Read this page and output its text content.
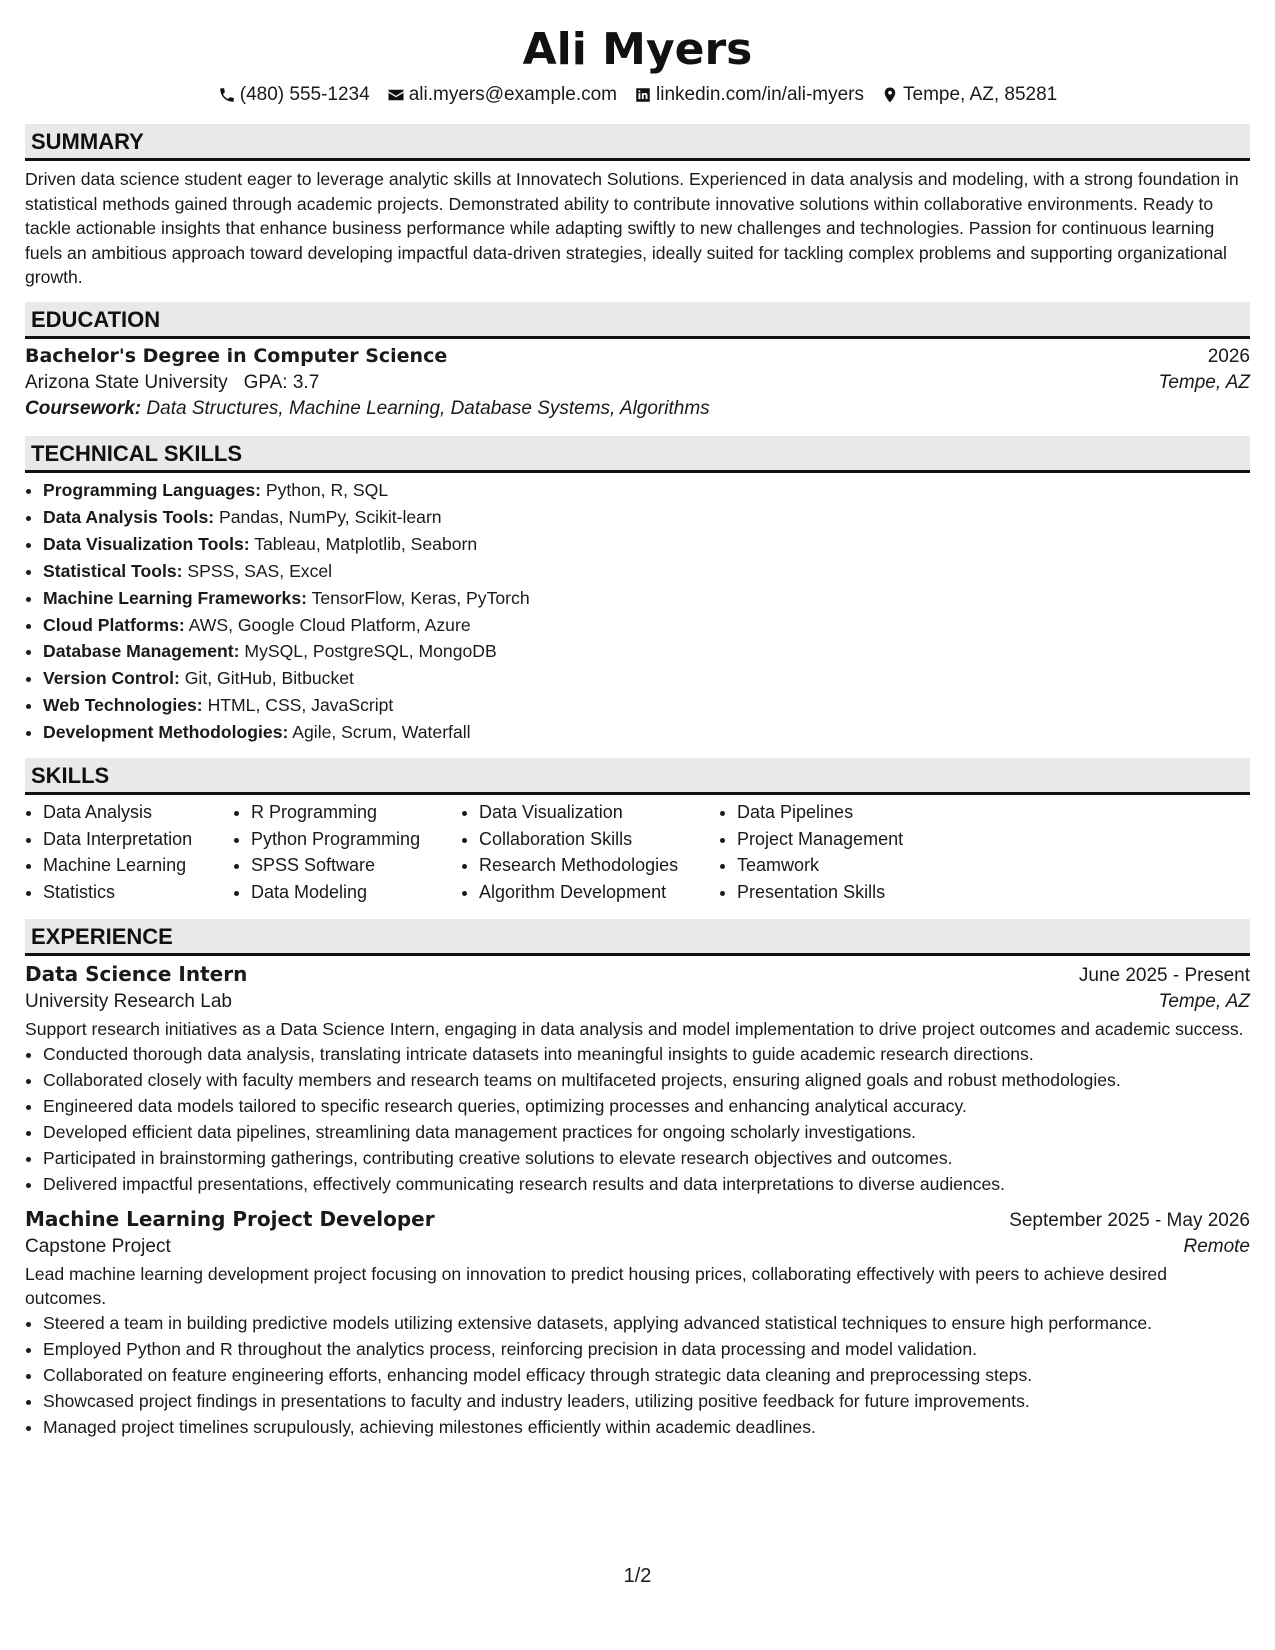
Ali Myers
(480) 555-1234 ali.myers@example.com linkedin.com/in/ali-myers Tempe, AZ, 85281
SUMMARY

Driven data science student eager to leverage analytic skills at Innovatech Solutions. Experienced in data analysis and modeling, with a strong foundation in statistical methods gained through academic projects. Demonstrated ability to contribute innovative solutions within collaborative environments. Ready to tackle actionable insights that enhance business performance while adapting swiftly to new challenges and technologies. Passion for continuous learning fuels an ambitious approach toward developing impactful data-driven strategies, ideally suited for tackling complex problems and supporting organizational growth.

EDUCATION
Bachelor's Degree in Computer Science	2026
Arizona State University GPA: 3.7	Tempe, AZ
Coursework: Data Structures, Machine Learning, Database Systems, Algorithms
TECHNICAL SKILLS
• Programming Languages: Python, R, SQL
• Data Analysis Tools: Pandas, NumPy, Scikit-learn
• Data Visualization Tools: Tableau, Matplotlib, Seaborn
• Statistical Tools: SPSS, SAS, Excel
• Machine Learning Frameworks: TensorFlow, Keras, PyTorch
• Cloud Platforms: AWS, Google Cloud Platform, Azure
• Database Management: MySQL, PostgreSQL, MongoDB
• Version Control: Git, GitHub, Bitbucket
• Web Technologies: HTML, CSS, JavaScript
• Development Methodologies: Agile, Scrum, Waterfall
SKILLS
• Data Analysis
• Data Interpretation
• Machine Learning
• Statistics
• R Programming
• Python Programming
• SPSS Software
• Data Modeling
• Data Visualization
• Collaboration Skills
• Research Methodologies
• Algorithm Development
• Data Pipelines
• Project Management
• Teamwork
• Presentation Skills
EXPERIENCE
Data Science Intern	June 2025 - Present
University Research Lab	Tempe, AZ
Support research initiatives as a Data Science Intern, engaging in data analysis and model implementation to drive project outcomes and academic success.
• Conducted thorough data analysis, translating intricate datasets into meaningful insights to guide academic research directions.
• Collaborated closely with faculty members and research teams on multifaceted projects, ensuring aligned goals and robust methodologies.
• Engineered data models tailored to specific research queries, optimizing processes and enhancing analytical accuracy.
• Developed efficient data pipelines, streamlining data management practices for ongoing scholarly investigations.
• Participated in brainstorming gatherings, contributing creative solutions to elevate research objectives and outcomes.
• Delivered impactful presentations, effectively communicating research results and data interpretations to diverse audiences.
Machine Learning Project Developer	September 2025 - May 2026
Capstone Project	Remote
Lead machine learning development project focusing on innovation to predict housing prices, collaborating effectively with peers to achieve desired outcomes.
• Steered a team in building predictive models utilizing extensive datasets, applying advanced statistical techniques to ensure high performance.
• Employed Python and R throughout the analytics process, reinforcing precision in data processing and model validation.
• Collaborated on feature engineering efforts, enhancing model efficacy through strategic data cleaning and preprocessing steps.
• Showcased project findings in presentations to faculty and industry leaders, utilizing positive feedback for future improvements.
• Managed project timelines scrupulously, achieving milestones efficiently within academic deadlines.
1/2
